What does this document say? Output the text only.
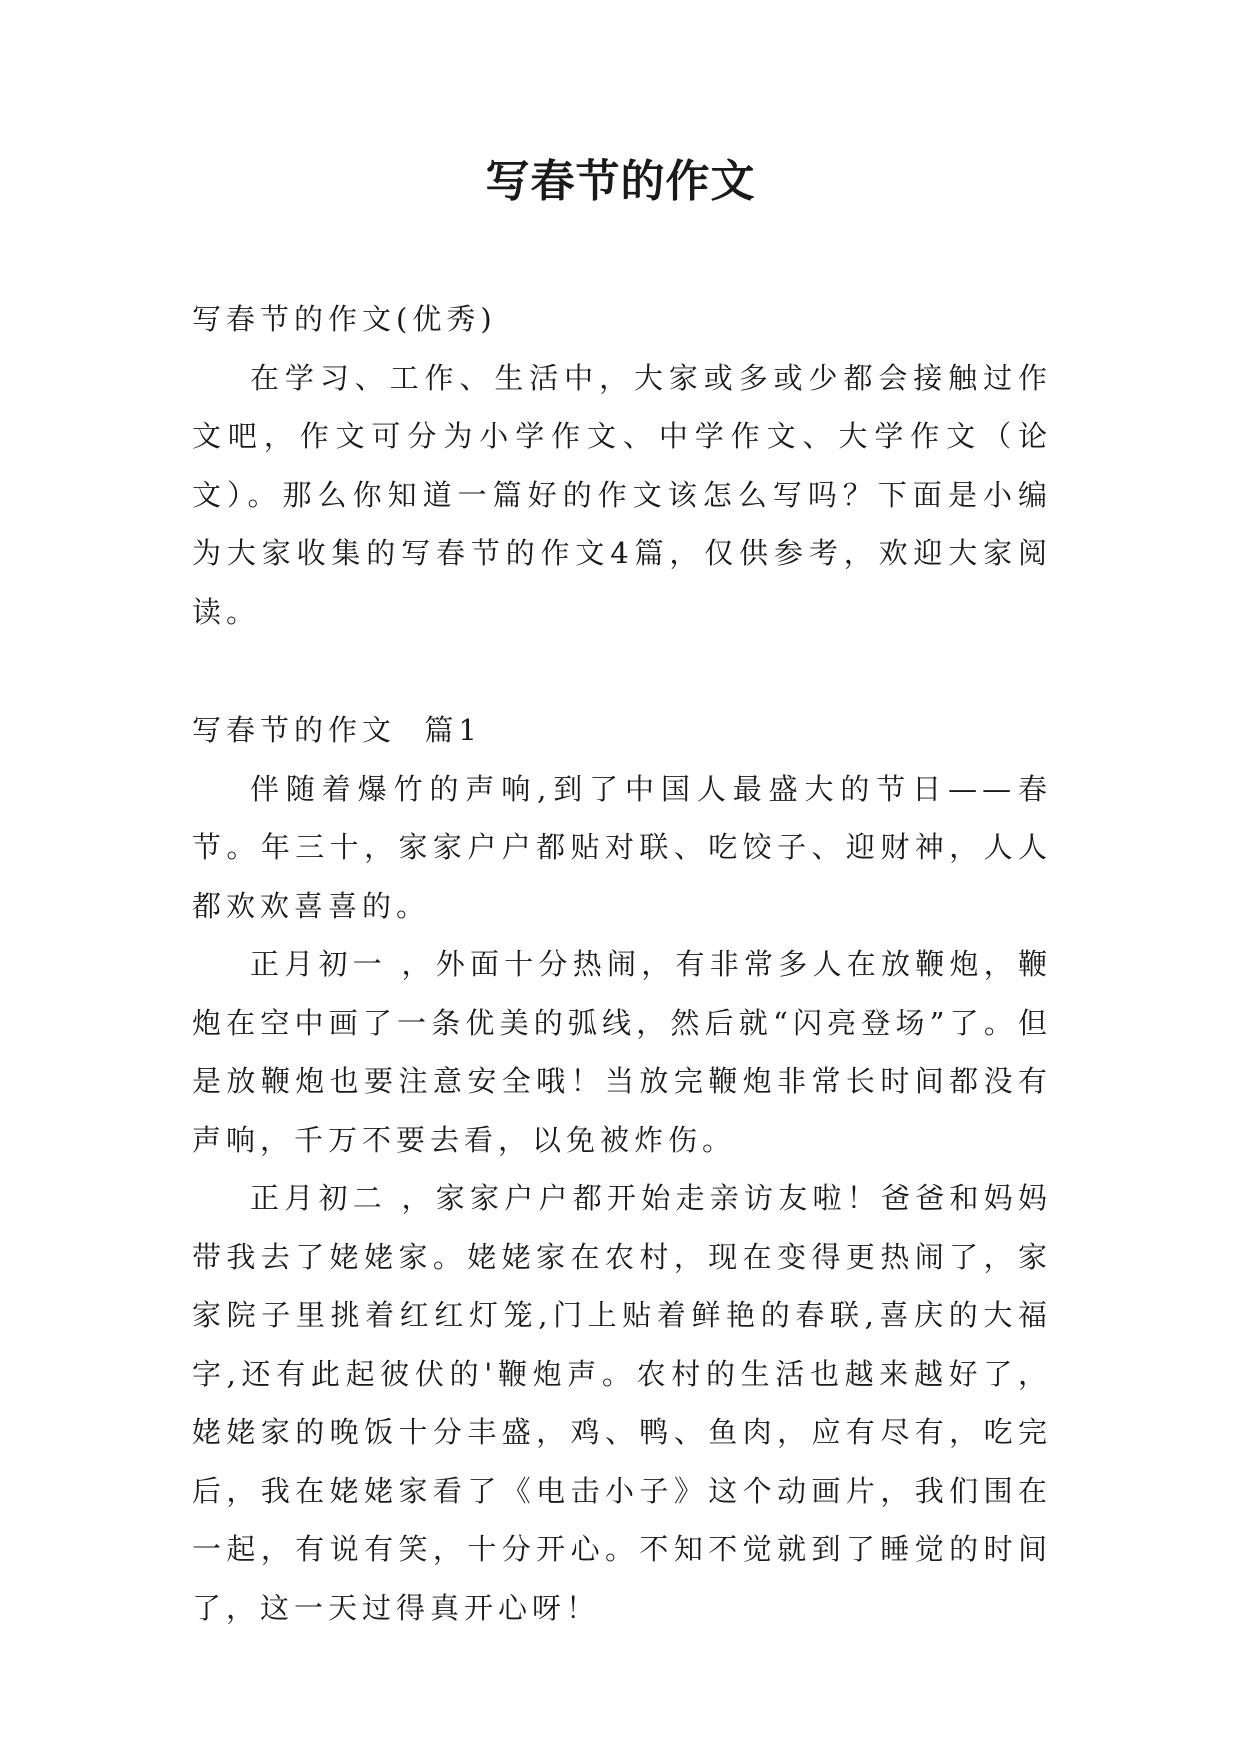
写春节的作文

写春节的作文(优秀)

在学习、工作、生活中，大家或多或少都会接触过作文吧，作文可分为小学作文、中学作文、大学作文（论文）。那么你知道一篇好的作文该怎么写吗？下面是小编为大家收集的写春节的作文4篇，仅供参考，欢迎大家阅读。

写春节的作文  篇1

伴随着爆竹的声响,到了中国人最盛大的节日——春节。年三十，家家户户都贴对联、吃饺子、迎财神，人人都欢欢喜喜的。

正月初一 ，外面十分热闹，有非常多人在放鞭炮，鞭炮在空中画了一条优美的弧线，然后就“闪亮登场”了。但是放鞭炮也要注意安全哦！当放完鞭炮非常长时间都没有声响，千万不要去看，以免被炸伤。

正月初二 ，家家户户都开始走亲访友啦！爸爸和妈妈带我去了姥姥家。姥姥家在农村，现在变得更热闹了，家家院子里挑着红红灯笼,门上贴着鲜艳的春联,喜庆的大福字,还有此起彼伏的'鞭炮声。农村的生活也越来越好了，姥姥家的晚饭十分丰盛，鸡、鸭、鱼肉，应有尽有，吃完后，我在姥姥家看了《电击小子》这个动画片，我们围在一起，有说有笑，十分开心。不知不觉就到了睡觉的时间了，这一天过得真开心呀！
